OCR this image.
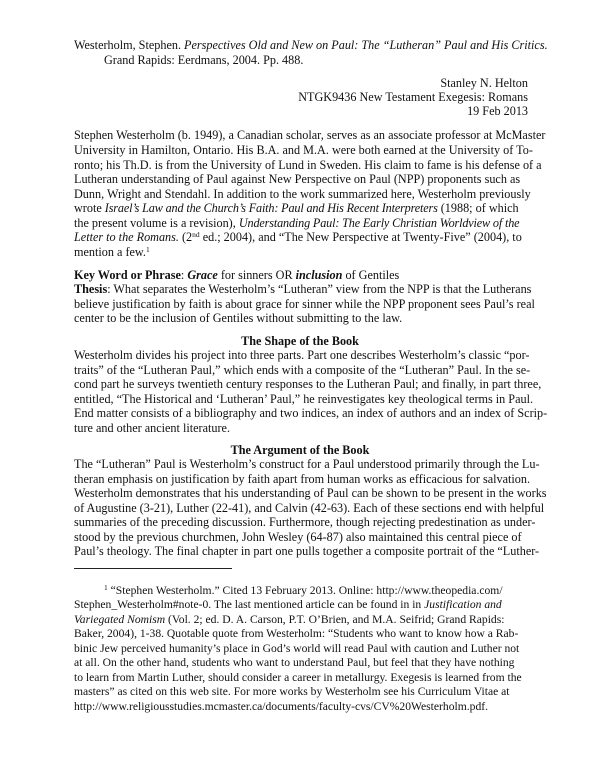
Westerholm, Stephen. Perspectives Old and New on Paul: The “Lutheran” Paul and His Critics.
Grand Rapids: Eerdmans, 2004. Pp. 488.
Stanley N. Helton
NTGK9436 New Testament Exegesis: Romans
19 Feb 2013
Stephen Westerholm (b. 1949), a Canadian scholar, serves as an associate professor at McMaster
University in Hamilton, Ontario. His B.A. and M.A. were both earned at the University of To-
ronto; his Th.D. is from the University of Lund in Sweden. His claim to fame is his defense of a
Lutheran understanding of Paul against New Perspective on Paul (NPP) proponents such as
Dunn, Wright and Stendahl. In addition to the work summarized here, Westerholm previously
wrote Israel’s Law and the Church’s Faith: Paul and His Recent Interpreters (1988; of which
the present volume is a revision), Understanding Paul: The Early Christian Worldview of the
Letter to the Romans. (2nd ed.; 2004), and “The New Perspective at Twenty-Five” (2004), to
mention a few.$^1$
Key Word or Phrase: Grace for sinners OR inclusion of Gentiles
Thesis: What separates the Westerholm’s “Lutheran” view from the NPP is that the Lutherans
believe justification by faith is about grace for sinner while the NPP proponent sees Paul’s real
center to be the inclusion of Gentiles without submitting to the law.
The Shape of the Book
Westerholm divides his project into three parts. Part one describes Westerholm’s classic “por-
traits” of the “Lutheran Paul,” which ends with a composite of the “Lutheran” Paul. In the se-
cond part he surveys twentieth century responses to the Lutheran Paul; and finally, in part three,
entitled, “The Historical and ‘Lutheran’ Paul,” he reinvestigates key theological terms in Paul.
End matter consists of a bibliography and two indices, an index of authors and an index of Scrip-
ture and other ancient literature.
The Argument of the Book
The “Lutheran” Paul is Westerholm’s construct for a Paul understood primarily through the Lu-
theran emphasis on justification by faith apart from human works as efficacious for salvation.
Westerholm demonstrates that his understanding of Paul can be shown to be present in the works
of Augustine (3-21), Luther (22-41), and Calvin (42-63). Each of these sections end with helpful
summaries of the preceding discussion. Furthermore, though rejecting predestination as under-
stood by the previous churchmen, John Wesley (64-87) also maintained this central piece of
Paul’s theology. The final chapter in part one pulls together a composite portrait of the “Luther-
$^1$ “Stephen Westerholm.” Cited 13 February 2013. Online: http://www.theopedia.com/
Stephen_Westerholm#note-0. The last mentioned article can be found in in Justification and
Variegated Nomism (Vol. 2; ed. D. A. Carson, P.T. O’Brien, and M.A. Seifrid; Grand Rapids:
Baker, 2004), 1-38. Quotable quote from Westerholm: “Students who want to know how a Rab-
binic Jew perceived humanity’s place in God’s world will read Paul with caution and Luther not
at all. On the other hand, students who want to understand Paul, but feel that they have nothing
to learn from Martin Luther, should consider a career in metallurgy. Exegesis is learned from the
masters” as cited on this web site. For more works by Westerholm see his Curriculum Vitae at
http://www.religiousstudies.mcmaster.ca/documents/faculty-cvs/CV%20Westerholm.pdf.
